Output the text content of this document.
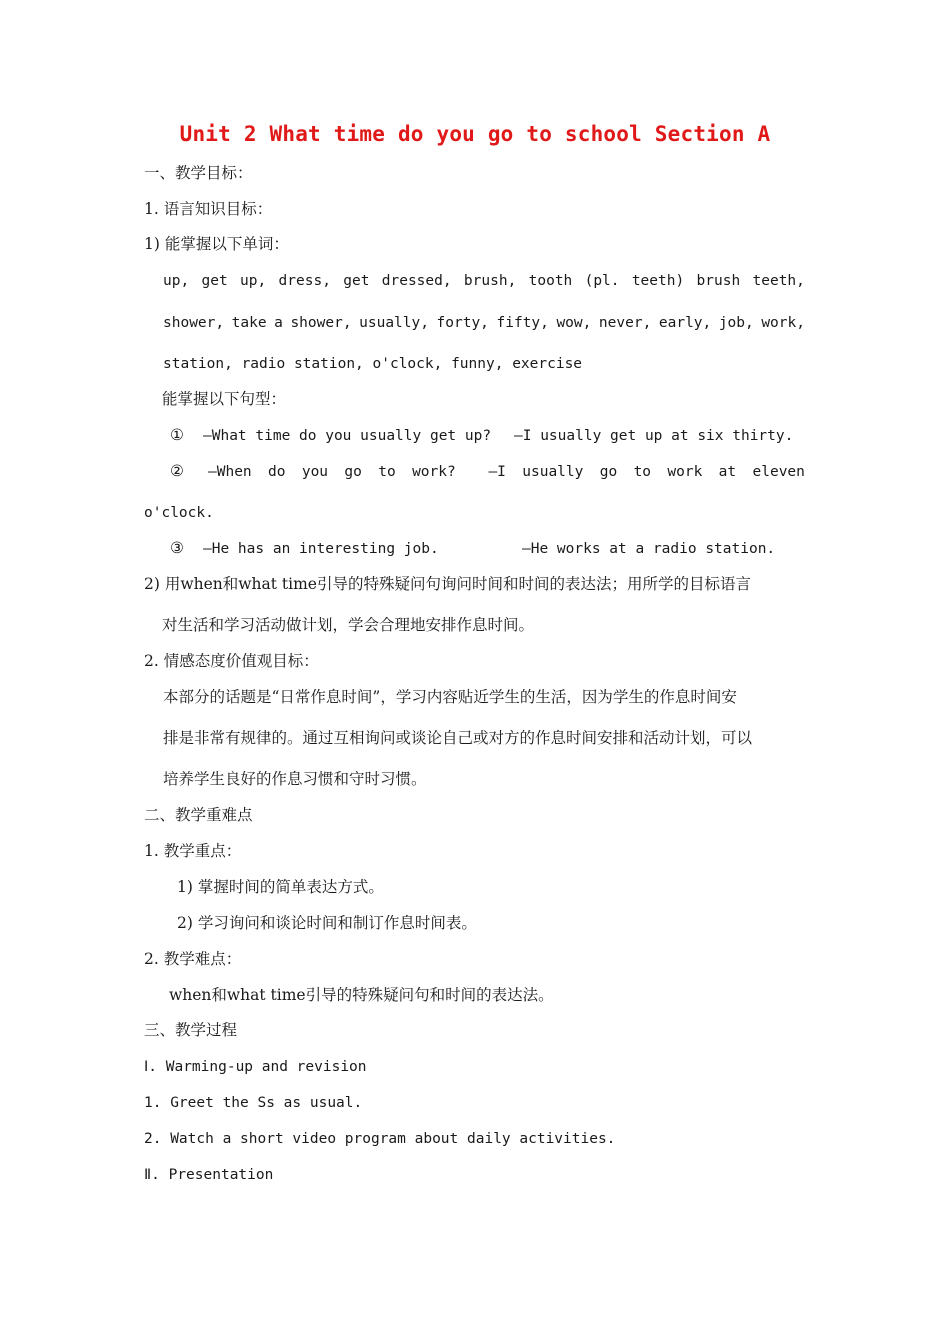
Unit 2 What time do you go to school Section A
一、教学目标：
1. 语言知识目标：
1) 能掌握以下单词：
up, get up, dress, get dressed, brush, tooth (pl. teeth) brush teeth,
shower, take a shower, usually, forty, fifty, wow, never, early, job, work,
station, radio station, o'clock, funny, exercise
能掌握以下句型：
① —What time do you usually get up? —I usually get up at six thirty.
② —When do you go to work? —I usually go to work at eleven
o'clock.
③ —He has an interesting job.	—He works at a radio station.
2) 用when和what time引导的特殊疑问句询问时间和时间的表达法；用所学的目标语言
对生活和学习活动做计划，学会合理地安排作息时间。
2. 情感态度价值观目标：
本部分的话题是“日常作息时间”，学习内容贴近学生的生活，因为学生的作息时间安
排是非常有规律的。通过互相询问或谈论自己或对方的作息时间安排和活动计划，可以
培养学生良好的作息习惯和守时习惯。
二、教学重难点
1. 教学重点：
1) 掌握时间的简单表达方式。
2) 学习询问和谈论时间和制订作息时间表。
2. 教学难点：
when和what time引导的特殊疑问句和时间的表达法。
三、教学过程
Ⅰ. Warming-up and revision
1. Greet the Ss as usual.
2. Watch a short video program about daily activities.
Ⅱ. Presentation
